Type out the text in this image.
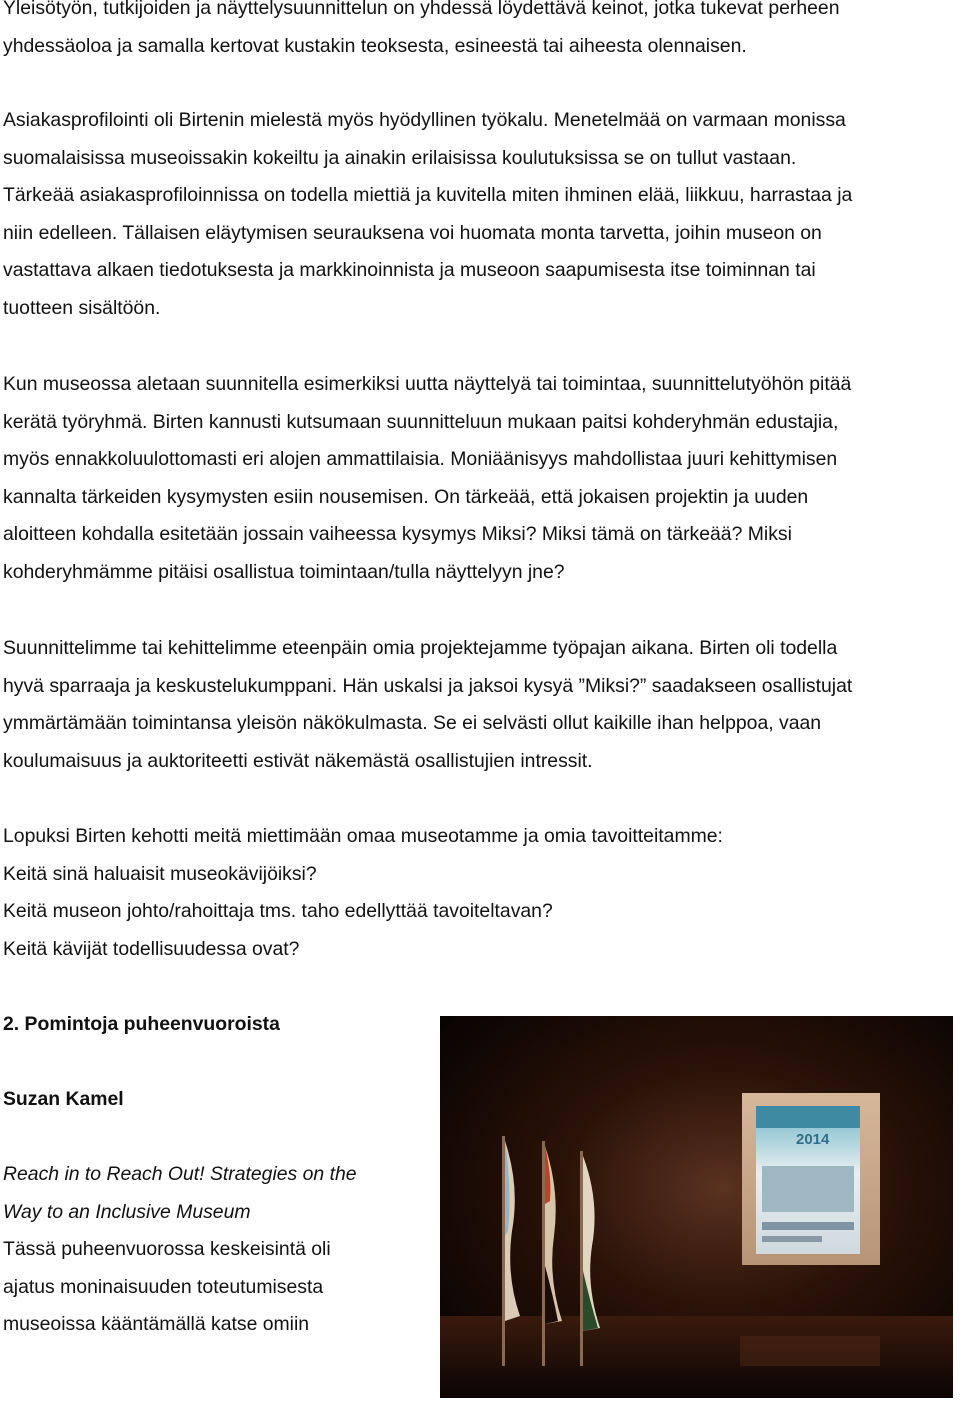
Yleisötyön, tutkijoiden ja näyttelysuunnittelun on yhdessä löydettävä keinot, jotka tukevat perheen
yhdessäoloa ja samalla kertovat kustakin teoksesta, esineestä tai aiheesta olennaisen.
Asiakasprofilointi oli Birtenin mielestä myös hyödyllinen työkalu. Menetelmää on varmaan monissa
suomalaisissa museoissakin kokeiltu ja ainakin erilaisissa koulutuksissa se on tullut vastaan.
Tärkeää asiakasprofiloinnissa on todella miettiä ja kuvitella miten ihminen elää, liikkuu, harrastaa ja
niin edelleen. Tällaisen eläytymisen seurauksena voi huomata monta tarvetta, joihin museon on
vastattava alkaen tiedotuksesta ja markkinoinnista ja museoon saapumisesta itse toiminnan tai
tuotteen sisältöön.
Kun museossa aletaan suunnitella esimerkiksi uutta näyttelyä tai toimintaa, suunnittelutyöhön pitää
kerätä työryhmä. Birten kannusti kutsumaan suunnitteluun mukaan paitsi kohderyhmän edustajia,
myös ennakkoluulottomasti eri alojen ammattilaisia. Moniäänisyys mahdollistaa juuri kehittymisen
kannalta tärkeiden kysymysten esiin nousemisen. On tärkeää, että jokaisen projektin ja uuden
aloitteen kohdalla esitetään jossain vaiheessa kysymys Miksi? Miksi tämä on tärkeää? Miksi
kohderyhmämme pitäisi osallistua toimintaan/tulla näyttelyyn jne?
Suunnittelimme tai kehittelimme eteenpäin omia projektejamme työpajan aikana. Birten oli todella
hyvä sparraaja ja keskustelukumppani. Hän uskalsi ja jaksoi kysyä ”Miksi?” saadakseen osallistujat
ymmärtämään toimintansa yleisön näkökulmasta. Se ei selvästi ollut kaikille ihan helppoa, vaan
koulumaisuus ja auktoriteetti estivät näkemästä osallistujien intressit.
Lopuksi Birten kehotti meitä miettimään omaa museotamme ja omia tavoitteitamme:
Keitä sinä haluaisit museokävijöiksi?
Keitä museon johto/rahoittaja tms. taho edellyttää tavoiteltavan?
Keitä kävijät todellisuudessa ovat?
2. Pomintoja puheenvuoroista
Suzan Kamel
Reach in to Reach Out! Strategies on the
Way to an Inclusive Museum
Tässä puheenvuorossa keskeisintä oli
ajatus moninaisuuden toteutumisesta
museoissa kääntämällä katse omiin
2014
